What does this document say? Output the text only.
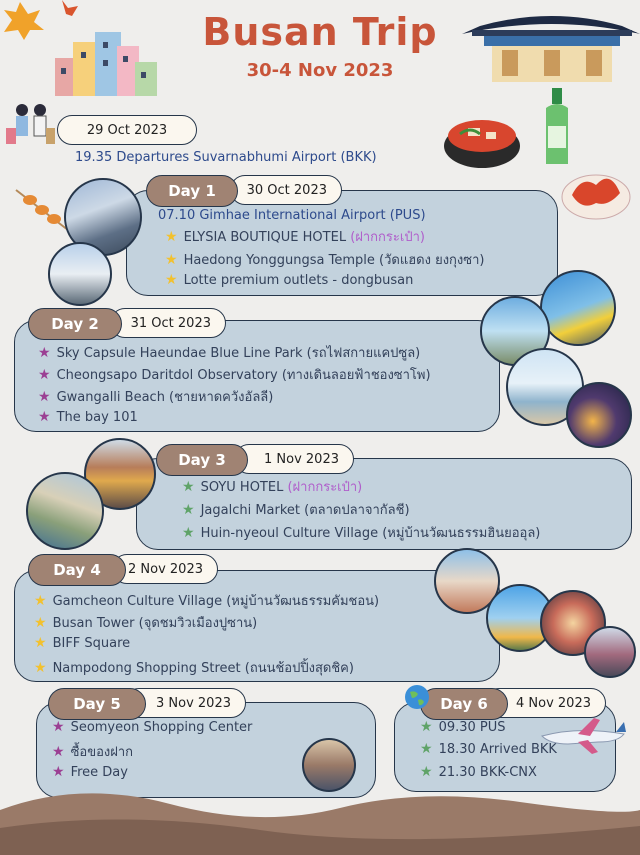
Busan Trip
30-4 Nov 2023
29 Oct 2023
19.35 Departures Suvarnabhumi Airport (BKK)
30 Oct 2023
Day 1
07.10 Gimhae International Airport (PUS)
★ ELYSIA BOUTIQUE HOTEL (ฝากกระเป๋า)
★ Haedong Yonggungsa Temple (วัดแฮดง ยงกุงซา)
★ Lotte premium outlets - dongbusan
31 Oct 2023
Day 2
★ Sky Capsule Haeundae Blue Line Park (รถไฟสกายแคปซูล)
★ Cheongsapo Daritdol Observatory (ทางเดินลอยฟ้าชองซาโพ)
★ Gwangalli Beach (ชายหาดควังอัลลี)
★ The bay 101
1 Nov 2023
Day 3
★ SOYU HOTEL (ฝากกระเป๋า)
★ Jagalchi Market (ตลาดปลาจากัลชี)
★ Huin-nyeoul Culture Village (หมู่บ้านวัฒนธรรมฮินยออุล)
2 Nov 2023
Day 4
★ Gamcheon Culture Village (หมู่บ้านวัฒนธรรมคัมชอน)
★ Busan Tower (จุดชมวิวเมืองปูซาน)
★ BIFF Square
★ Nampodong Shopping Street (ถนนช้อปปิ้งสุดชิค)
3 Nov 2023
Day 5
★ Seomyeon Shopping Center
★ ซื้อของฝาก
★ Free Day
4 Nov 2023
Day 6
★ 09.30 PUS
★ 18.30 Arrived BKK
★ 21.30 BKK-CNX
